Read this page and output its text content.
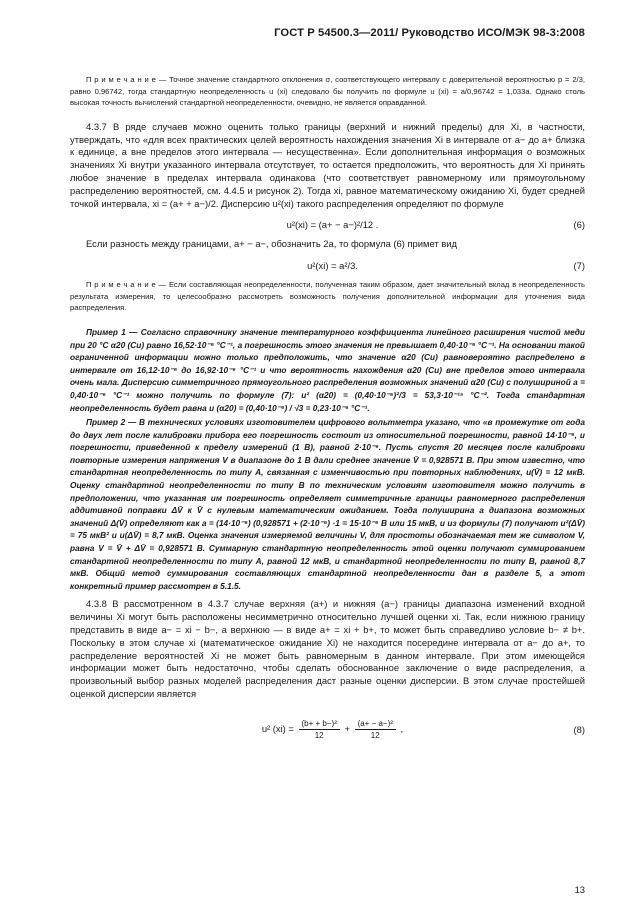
ГОСТ Р 54500.3—2011/ Руководство ИСО/МЭК 98-3:2008

П р и м е ч а н и е — Точное значение стандартного отклонения σ, соответствующего интервалу с доверительной вероятностью p = 2/3, равно 0,96742, тогда стандартную неопределенность u (xi) следовало бы получить по формуле u (xi) = a/0,96742 = 1,033a. Однако столь высокая точность вычислений стандартной неопределенности, очевидно, не является оправданной.

4.3.7 В ряде случаев можно оценить только границы (верхний и нижний пределы) для Xi, в частности, утверждать, что «для всех практических целей вероятность нахождения значения Xi в интервале от a− до a+ близка к единице, а вне пределов этого интервала — несущественна». Если дополнительная информация о возможных значениях Xi внутри указанного интервала отсутствует, то остается предположить, что вероятность для Xi принять любое значение в пределах интервала одинакова (что соответствует равномерному или прямоугольному распределению вероятностей, см. 4.4.5 и рисунок 2). Тогда xi, равное математическому ожиданию Xi, будет средней точкой интервала, xi = (a+ + a−)/2. Дисперсию u²(xi) такого распределения определяют по формуле

u²(xi) = (a+ − a−)²/12 .	(6)

Если разность между границами, a+ − a−, обозначить 2a, то формула (6) примет вид

u²(xi) = a²/3.	(7)

П р и м е ч а н и е — Если составляющая неопределенности, полученная таким образом, дает значительный вклад в неопределенность результата измерения, то целесообразно рассмотреть возможность получения дополнительной информации для уточнения вида распределения.

Пример 1 — Согласно справочнику значение температурного коэффициента линейного расширения чистой меди при 20 °С α20 (Cu) равно 16,52·10⁻⁶ °C⁻¹, а погрешность этого значения не превышает 0,40·10⁻⁶ °C⁻¹. На основании такой ограниченной информации можно только предположить, что значение α20 (Cu) равновероятно распределено в интервале от 16,12·10⁻⁶ до 16,92·10⁻⁶ °C⁻¹ и что вероятность нахождения α20 (Cu) вне пределов этого интервала очень мала. Дисперсию симметричного прямоугольного распределения возможных значений α20 (Cu) с полушириной a = 0,40·10⁻⁶ °C⁻¹ можно получить по формуле (7): u² (α20) = (0,40·10⁻⁶)²/3 = 53,3·10⁻¹⁵ °C⁻². Тогда стандартная неопределенность будет равна u (α20) = (0,40·10⁻⁶) / √3 = 0,23·10⁻⁶ °C⁻¹.

Пример 2 — В технических условиях изготовителем цифрового вольтметра указано, что «в промежутке от года до двух лет после калибровки прибора его погрешность состоит из относительной погрешности, равной 14·10⁻⁶, и погрешности, приведенной к пределу измерений (1 В), равной 2·10⁻⁶. Пусть спустя 20 месяцев после калибровки повторные измерения напряжения V в диапазоне до 1 В дали среднее значение V̄ = 0,928571 В. При этом известно, что стандартная неопределенность по типу А, связанная с изменчивостью при повторных наблюдениях, u(V̄) = 12 мкВ. Оценку стандартной неопределенности по типу В по техническим условиям изготовителя можно получить в предположении, что указанная им погрешность определяет симметричные границы равномерного распределения аддитивной поправки ΔV̄ к V̄ с нулевым математическим ожиданием. Тогда полуширина a диапазона возможных значений Δ(V̄) определяют как a = (14·10⁻⁶) (0,928571 + (2·10⁻⁶) ·1 = 15·10⁻⁶ В или 15 мкВ, и из формулы (7) получают u²(ΔV̄) = 75 мкВ² и u(ΔV̄) = 8,7 мкВ. Оценка значения измеряемой величины V, для простоты обозначаемая тем же символом V, равна V = V̄ + ΔV̄ = 0,928571 В. Суммарную стандартную неопределенность этой оценки получают суммированием стандартной неопределенности по типу А, равной 12 мкВ, и стандартной неопределенности по типу В, равной 8,7 мкВ. Общий метод суммирования составляющих стандартной неопределенности дан в разделе 5, а этот конкретный пример рассмотрен в 5.1.5.

4.3.8 В рассмотренном в 4.3.7 случае верхняя (a+) и нижняя (a−) границы диапазона изменений входной величины Xi могут быть расположены несимметрично относительно лучшей оценки xi. Так, если нижнюю границу представить в виде a− = xi − b−, а верхнюю — в виде a+ = xi + b+, то может быть справедливо условие b− ≠ b+. Поскольку в этом случае xi (математическое ожидание Xi) не находится посередине интервала от a− до a+, то распределение вероятностей Xi не может быть равномерным в данном интервале. При этом имеющейся информации может быть недостаточно, чтобы сделать обоснованное заключение о виде распределения, а произвольный выбор разных моделей распределения даст разные оценки дисперсии. В этом случае простейшей оценкой дисперсии является

u² $(xi) = \frac{\text{(b+ + b−)²}}{12} + \frac{\text{(a+ − a−)²}}{12}$ ,	(8)
13
